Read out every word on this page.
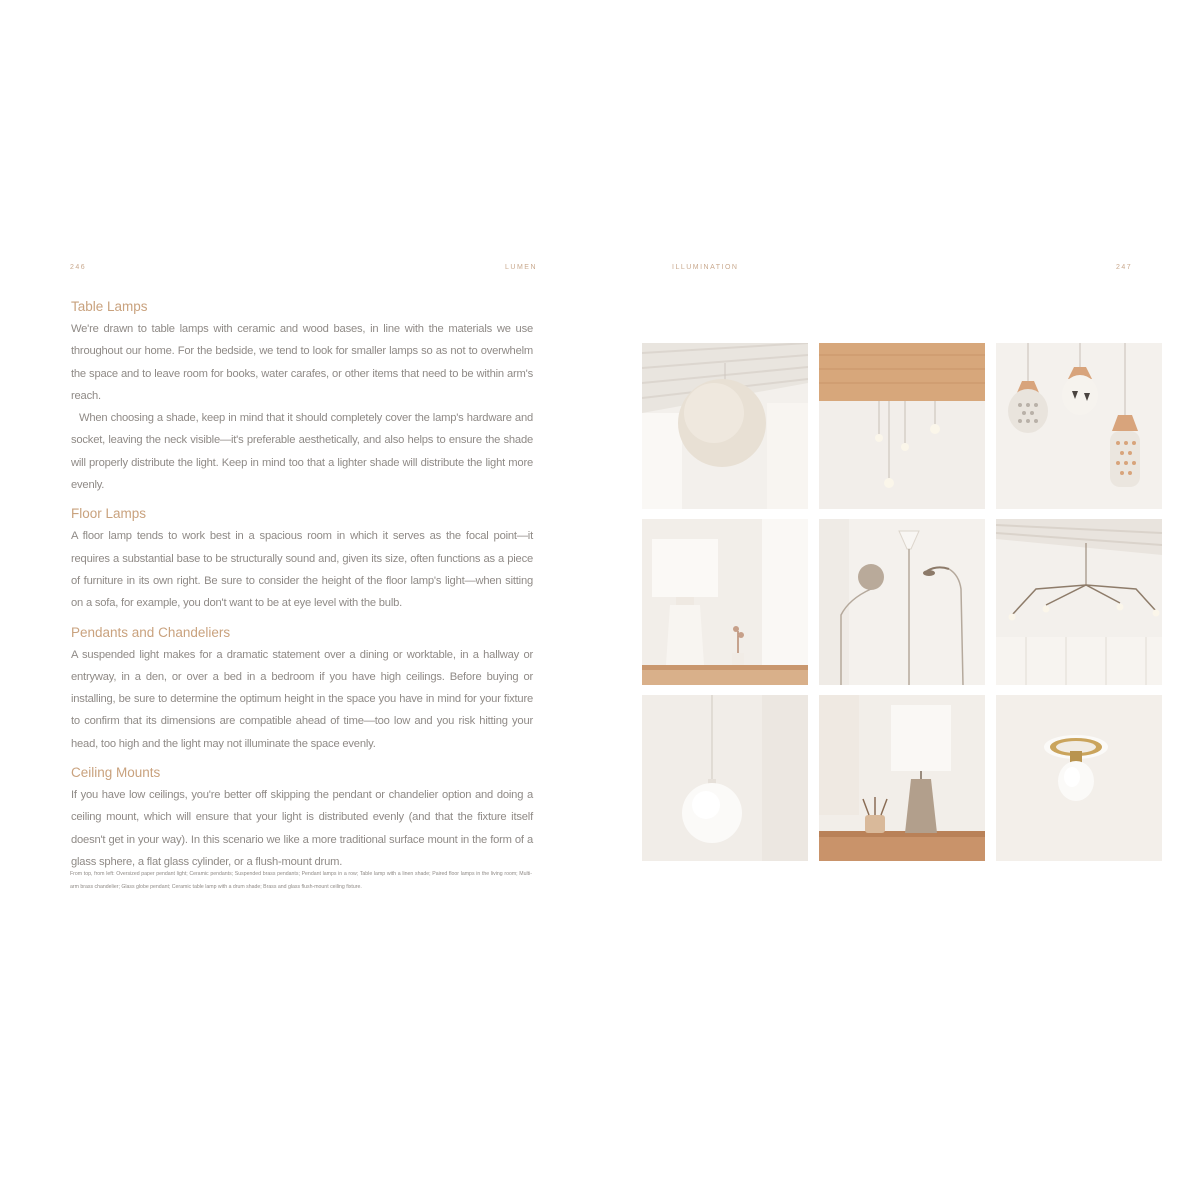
246	LUMEN	ILLUMINATION	247
Table Lamps

We're drawn to table lamps with ceramic and wood bases, in line with the materials we use throughout our home. For the bedside, we tend to look for smaller lamps so as not to overwhelm the space and to leave room for books, water carafes, or other items that need to be within arm's reach.

When choosing a shade, keep in mind that it should completely cover the lamp's hardware and socket, leaving the neck visible—it's preferable aesthetically, and also helps to ensure the shade will properly distribute the light. Keep in mind too that a lighter shade will distribute the light more evenly.

Floor Lamps

A floor lamp tends to work best in a spacious room in which it serves as the focal point—it requires a substantial base to be structurally sound and, given its size, often functions as a piece of furniture in its own right. Be sure to consider the height of the floor lamp's light—when sitting on a sofa, for example, you don't want to be at eye level with the bulb.

Pendants and Chandeliers

A suspended light makes for a dramatic statement over a dining or worktable, in a hallway or entryway, in a den, or over a bed in a bedroom if you have high ceilings. Before buying or installing, be sure to determine the optimum height in the space you have in mind for your fixture to confirm that its dimensions are compatible ahead of time—too low and you risk hitting your head, too high and the light may not illuminate the space evenly.

Ceiling Mounts

If you have low ceilings, you're better off skipping the pendant or chandelier option and doing a ceiling mount, which will ensure that your light is distributed evenly (and that the fixture itself doesn't get in your way). In this scenario we like a more traditional surface mount in the form of a glass sphere, a flat glass cylinder, or a flush-mount drum.

From top, from left: Oversized paper pendant light; Ceramic pendants; Suspended brass pendants; Pendant lamps in a row; Table lamp with a linen shade; Paired floor lamps in the living room; Multi-arm brass chandelier; Glass globe pendant; Ceramic table lamp with a drum shade; Brass and glass flush-mount ceiling fixture.
